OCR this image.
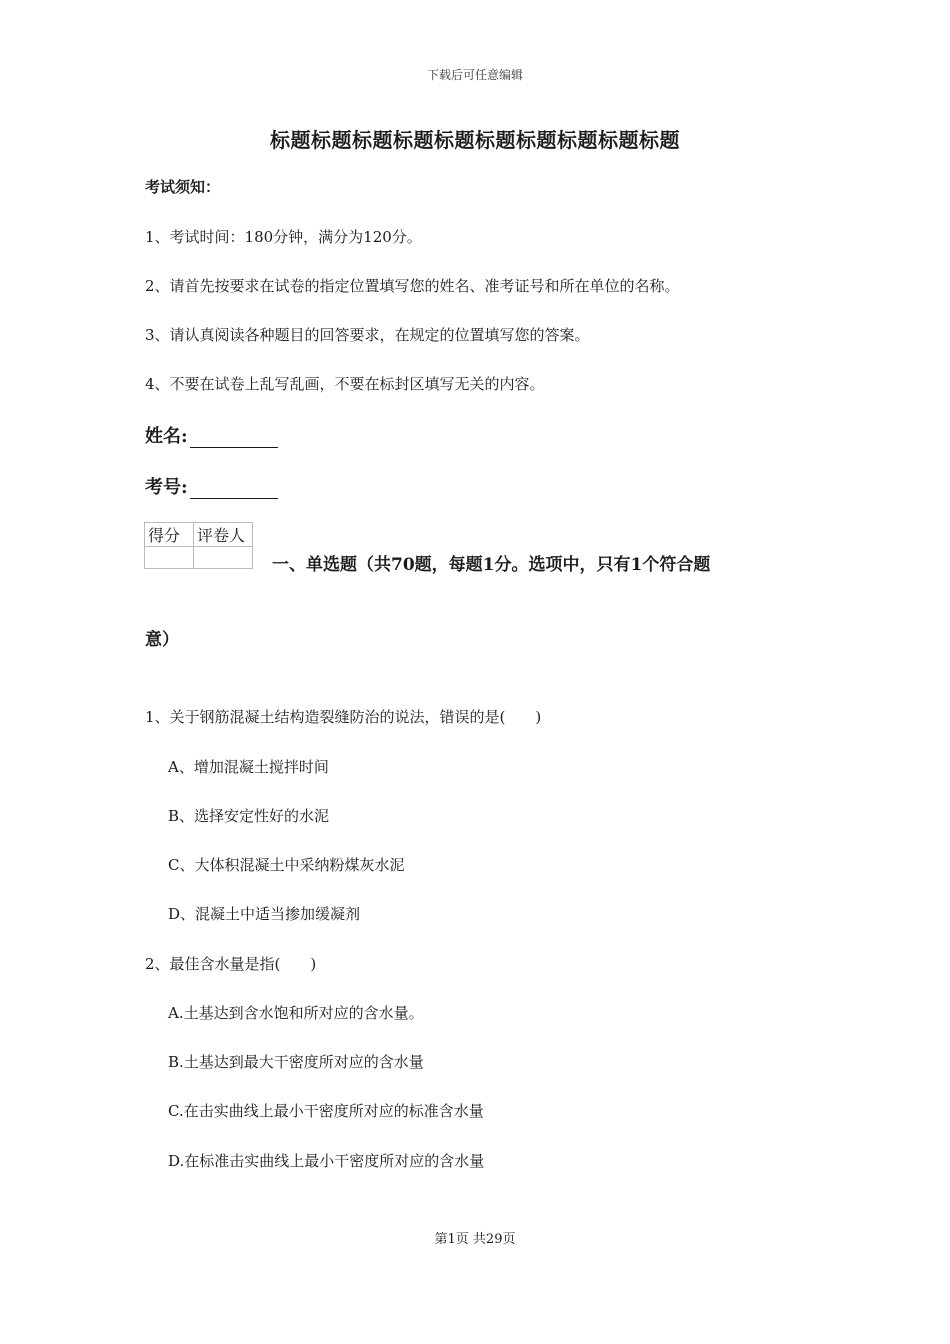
下载后可任意编辑
标题标题标题标题标题标题标题标题标题标题
考试须知：
1、考试时间：180分钟，满分为120分。
2、请首先按要求在试卷的指定位置填写您的姓名、准考证号和所在单位的名称。
3、请认真阅读各种题目的回答要求，在规定的位置填写您的答案。
4、不要在试卷上乱写乱画，不要在标封区填写无关的内容。
姓名:
考号:
得分	评卷人

一、单选题（共70题，每题1分。选项中，只有1个符合题
意）
1、关于钢筋混凝土结构造裂缝防治的说法，错误的是(　　)
A、增加混凝土搅拌时间
B、选择安定性好的水泥
C、大体积混凝土中采纳粉煤灰水泥
D、混凝土中适当掺加缓凝剂
2、最佳含水量是指(　　)
A.土基达到含水饱和所对应的含水量。
B.土基达到最大干密度所对应的含水量
C.在击实曲线上最小干密度所对应的标准含水量
D.在标准击实曲线上最小干密度所对应的含水量
第1页 共29页
